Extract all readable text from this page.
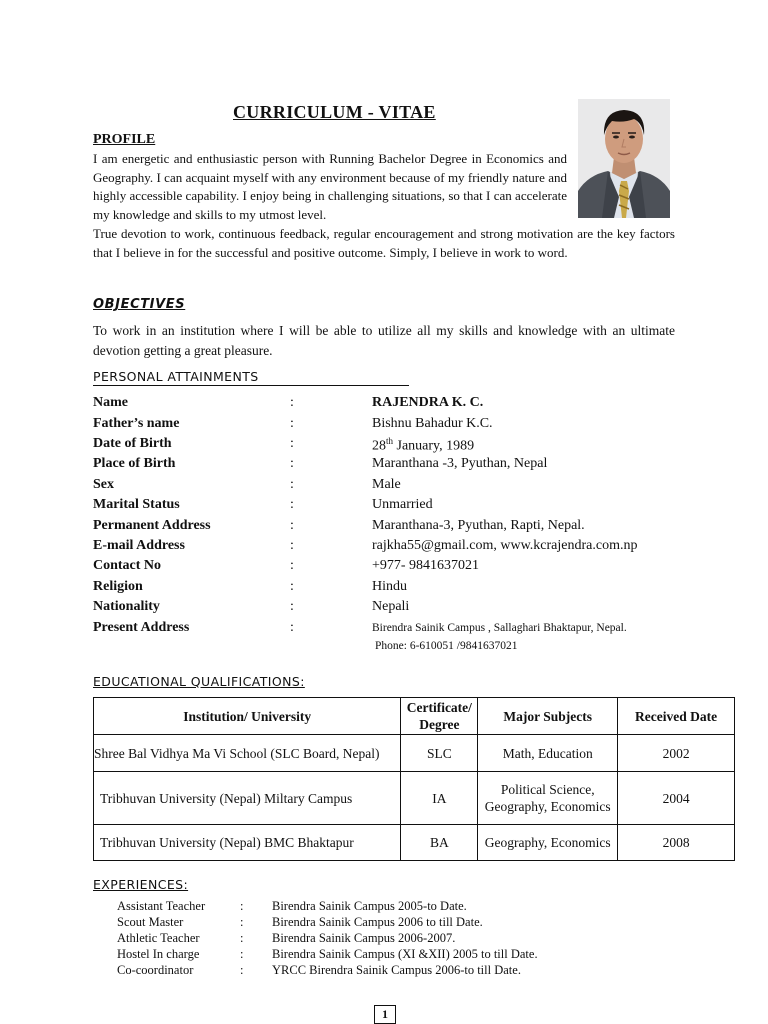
CURRICULUM - VITAE
PROFILE
I am energetic and enthusiastic person with Running Bachelor Degree in Economics and Geography. I can acquaint myself with any environment because of my friendly nature and highly accessible capability. I enjoy being in challenging situations, so that I can accelerate my knowledge and skills to my utmost level.
True devotion to work, continuous feedback, regular encouragement and strong motivation are the key factors that I believe in for the successful and positive outcome. Simply, I believe in work to word.
OBJECTIVES
To work in an institution where I will be able to utilize all my skills and knowledge with an ultimate devotion getting a great pleasure.
PERSONAL ATTAINMENTS
Name	:	RAJENDRA K. C.
Father’s name	:	Bishnu Bahadur K.C.
Date of Birth	:	28th January, 1989
Place of Birth	:	Maranthana -3, Pyuthan, Nepal
Sex	:	Male
Marital Status	:	Unmarried
Permanent Address	:	Maranthana-3, Pyuthan, Rapti, Nepal.
E-mail Address	:	rajkha55@gmail.com, www.kcrajendra.com.np
Contact No	:	+977- 9841637021
Religion	:	Hindu
Nationality	:	Nepali
Present Address	:	Birendra Sainik Campus , Sallaghari Bhaktapur, Nepal.
Phone: 6-610051 /9841637021
EDUCATIONAL QUALIFICATIONS:
Institution/ University	Certificate/ Degree	Major Subjects	Received Date
Shree Bal Vidhya Ma Vi School (SLC Board, Nepal)	SLC	Math, Education	2002
Tribhuvan University (Nepal) Miltary Campus	IA	Political Science, Geography, Economics	2004
Tribhuvan University (Nepal) BMC Bhaktapur	BA	Geography, Economics	2008
EXPERIENCES:
Assistant Teacher	: Birendra Sainik Campus 2005-to Date.
Scout Master	: Birendra Sainik Campus 2006 to till Date.
Athletic Teacher	: Birendra Sainik Campus 2006-2007.
Hostel In charge	: Birendra Sainik Campus (XI &XII) 2005 to till Date.
Co-coordinator	: YRCC Birendra Sainik Campus 2006-to till Date.
1
